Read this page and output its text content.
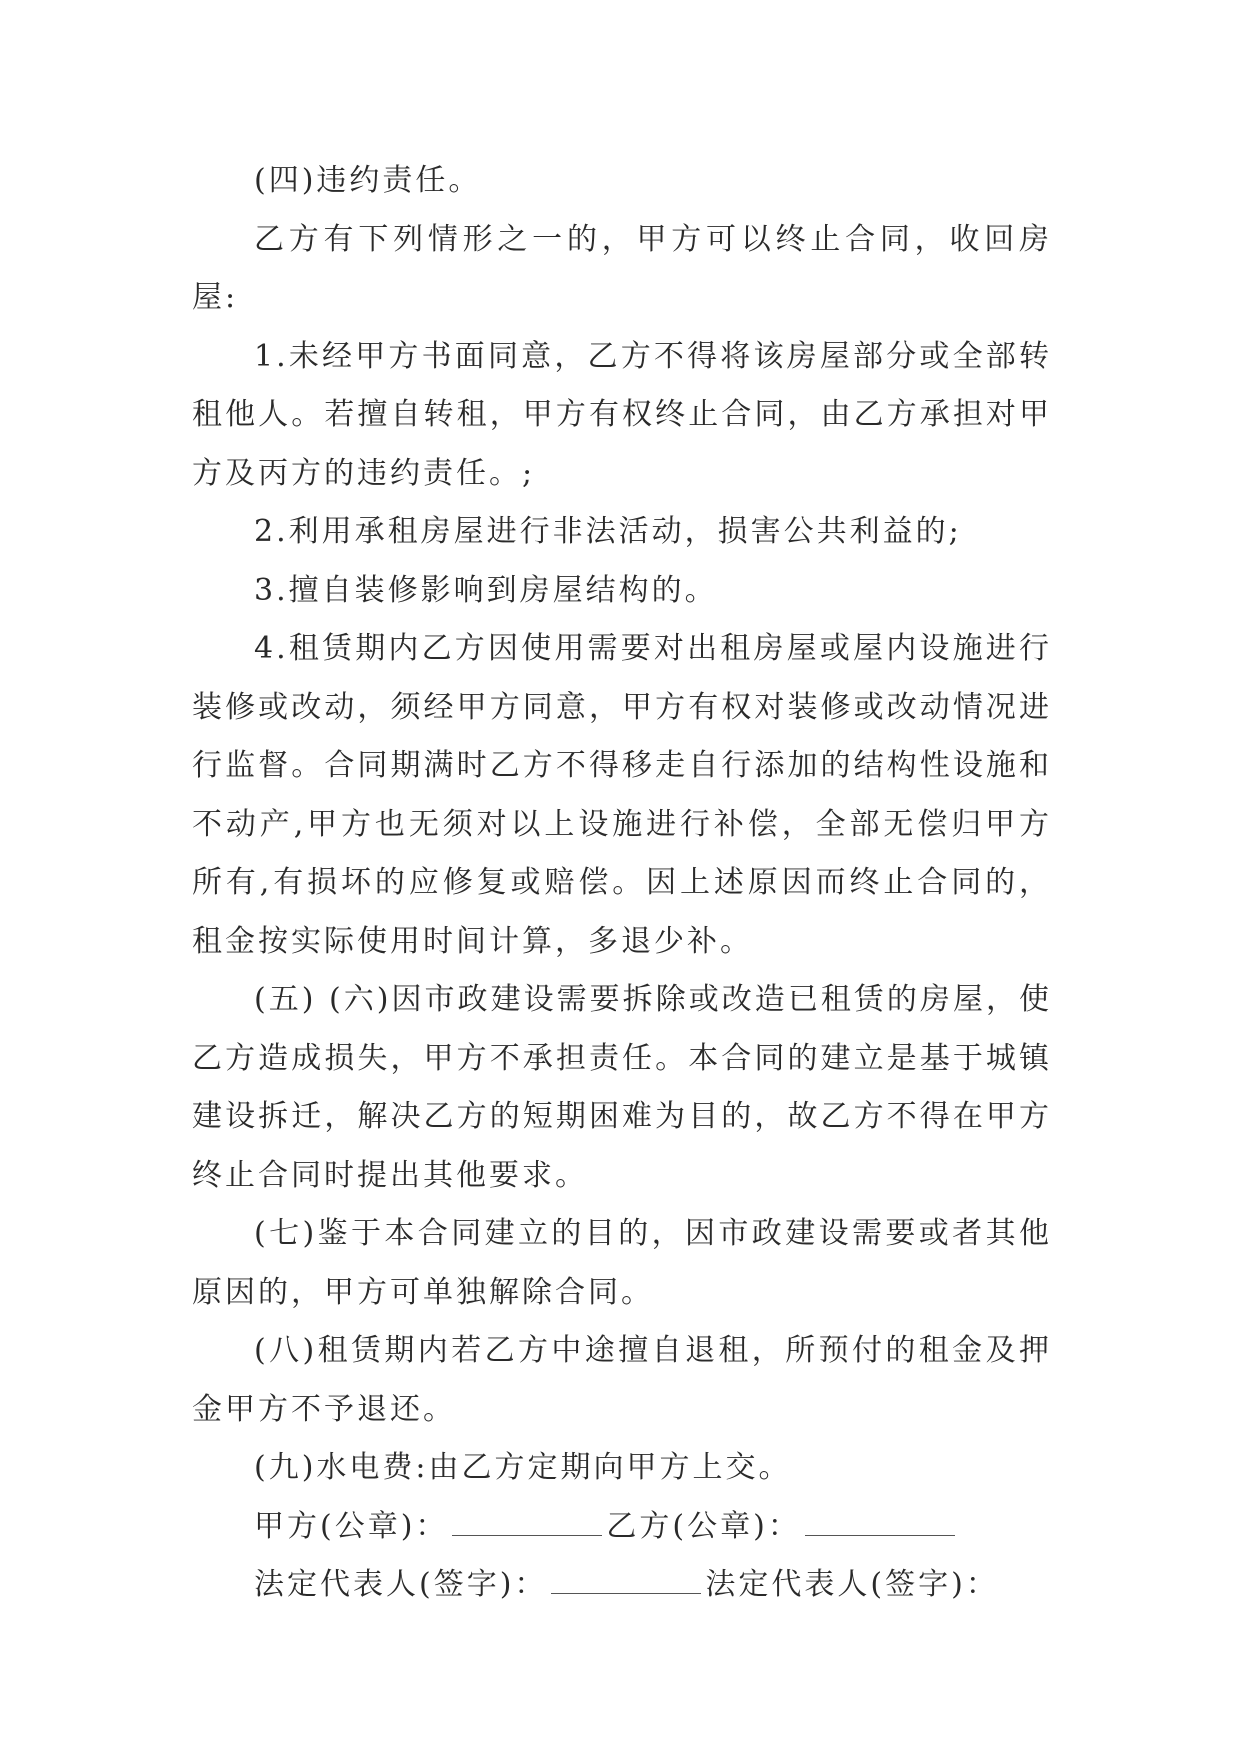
(四)违约责任。

乙方有下列情形之一的，甲方可以终止合同，收回房屋:

1.未经甲方书面同意，乙方不得将该房屋部分或全部转租他人。若擅自转租，甲方有权终止合同，由乙方承担对甲方及丙方的违约责任。;

2.利用承租房屋进行非法活动，损害公共利益的;

3.擅自装修影响到房屋结构的。

4.租赁期内乙方因使用需要对出租房屋或屋内设施进行装修或改动，须经甲方同意，甲方有权对装修或改动情况进行监督。合同期满时乙方不得移走自行添加的结构性设施和不动产,甲方也无须对以上设施进行补偿，全部无偿归甲方所有,有损坏的应修复或赔偿。因上述原因而终止合同的，租金按实际使用时间计算，多退少补。

(五) (六)因市政建设需要拆除或改造已租赁的房屋，使乙方造成损失，甲方不承担责任。本合同的建立是基于城镇建设拆迁，解决乙方的短期困难为目的，故乙方不得在甲方终止合同时提出其他要求。

(七)鉴于本合同建立的目的，因市政建设需要或者其他原因的，甲方可单独解除合同。

(八)租赁期内若乙方中途擅自退租，所预付的租金及押金甲方不予退还。

(九)水电费:由乙方定期向甲方上交。

甲方(公章)：	乙方(公章)：

法定代表人(签字)：	法定代表人(签字)：
